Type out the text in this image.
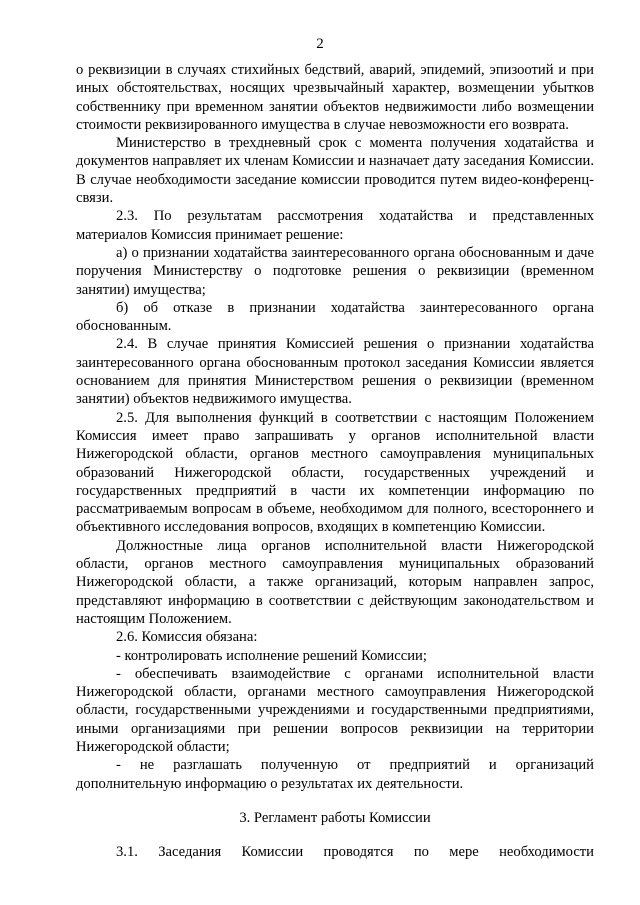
2

о реквизиции в случаях стихийных бедствий, аварий, эпидемий, эпизоотий и при иных обстоятельствах, носящих чрезвычайный характер, возмещении убытков собственнику при временном занятии объектов недвижимости либо возмещении стоимости реквизированного имущества в случае невозможности его возврата.

Министерство в трехдневный срок с момента получения ходатайства и документов направляет их членам Комиссии и назначает дату заседания Комиссии. В случае необходимости заседание комиссии проводится путем видео-конференц-связи.

2.3. По результатам рассмотрения ходатайства и представленных материалов Комиссия принимает решение:

а) о признании ходатайства заинтересованного органа обоснованным и даче поручения Министерству о подготовке решения о реквизиции (временном занятии) имущества;

б) об отказе в признании ходатайства заинтересованного органа обоснованным.

2.4. В случае принятия Комиссией решения о признании ходатайства заинтересованного органа обоснованным протокол заседания Комиссии является основанием для принятия Министерством решения о реквизиции (временном занятии) объектов недвижимого имущества.

2.5. Для выполнения функций в соответствии с настоящим Положением Комиссия имеет право запрашивать у органов исполнительной власти Нижегородской области, органов местного самоуправления муниципальных образований Нижегородской области, государственных учреждений и государственных предприятий в части их компетенции информацию по рассматриваемым вопросам в объеме, необходимом для полного, всестороннего и объективного исследования вопросов, входящих в компетенцию Комиссии.

Должностные лица органов исполнительной власти Нижегородской области, органов местного самоуправления муниципальных образований Нижегородской области, а также организаций, которым направлен запрос, представляют информацию в соответствии с действующим законодательством и настоящим Положением.

2.6. Комиссия обязана:

- контролировать исполнение решений Комиссии;

- обеспечивать взаимодействие с органами исполнительной власти Нижегородской области, органами местного самоуправления Нижегородской области, государственными учреждениями и государственными предприятиями, иными организациями при решении вопросов реквизиции на территории Нижегородской области;

- не разглашать полученную от предприятий и организаций дополнительную информацию о результатах их деятельности.

3. Регламент работы Комиссии

3.1. Заседания Комиссии проводятся по мере необходимости
